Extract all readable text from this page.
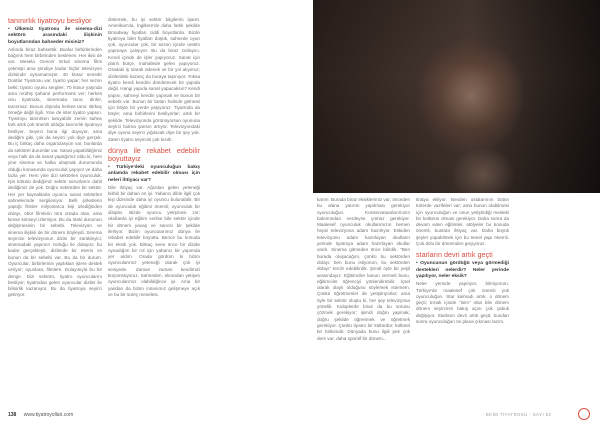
tanınırlık tiyatroyu besliyor

• Ülkemiz tiyatrosu ile sinema-dizi sektörü arasındaki ilişkinin boyutlarından bahseder misiniz?

Aslında biraz bahsettik. Bunlar birbirlerinden bağımlı hem birbirinden beslenen. Her ikisi de var. Mesela Gencer Erkal sinema filmi çekmişti ama şimdiye kadar hiçbir televizyon dizisinde oynamamıştır. 40 küsur senedir Dostlar Tiyatrosu var, tiyatro yapar; her sezon belki; tiyatro oyunu sergiler; 70 küsur yaşında ama müthiş şahane performans ver; herkes onu tiyatroda, sinemada tanır, dinler, tanınmaz. Bunun dışında herkes tanır. Birkaç örneğe değil ilgili. Yine de ister tiyatro yapsın. Tiyatroyu tanıtırken tanıyabilir zemin sahne fark artık çok önemli olduğu tanınırlık tiyatroyu besliyor. Seyirci buna ilgi duyuyor, ama dediğim gibi, çok da seyirci yok diye gerçek. Bu iç birkaç daha organizasyon var, bunlarda da sektörel durumlar var. Sanat yapabildiğimiz veya halk da da sanat yaptığımız oldu ki, hem yine sinema ve halka ulaşmak durumunda olduğu konusunda oyunculuk yapıyor ve daha fazla yer. Hem yine dizi sektörleri oyunculuk. İşin kötüsü dediğimiz sektör sorunlarını dahil dediğimiz de yok. Doğru sektörden bir sektör. Her yer kaynaklarla oyuncu sanat sektörleri sahnelerinde sergileniyor. Belli şirketlerin yaptığı filmler milyonlarca kişi izlediğinden dolayı, öbür filmlerin türü ortada olan, ama kimse kimseyi izlemiyor. Bu da öteki durumun değişmesinin bir sebebi. Televizyon ve sinema ilişkisi de bir dönem böyleydi. Sinema seyircisi televizyonun dizisi bir sürükleyici; sinemadaki yapımın zorluğu ile dolayısı; bu kadar gerçekleşti, dizilerde bir eserin ve bunun da bir sebebi var. Bu da bir durum. Oyuncular, birbirlerinin yaptıkları işlere destek veriyor; oyunlara, filmlere. Dolayısıyla bu bir denge. Dizi sektörü, tiyatro oyuncularını besliyor; tiyatrodan gelen oyuncular diziler ile bilinirlik kazanıyor. Bu da tiyatroya seyirci getiriyor.

dinlemek, bu iyi sektör bilgilerini işaret. Amerikan'da, İngiltere'de daha farklı şekilde Broadway fiyatları ciddi boyutlarda. Bizde tiyatroya bilet fiyatları düşük, sahnede oyun çok, oyuncular çok, bir sezon içinde üretim yapmaya çalışıyor. Bu da biraz zorlayıcı. Kendi içinde de işler yapıyoruz. Sanat için planlı bütçe, mahallede gelen yapıyoruz. Oradaki iş olarak ödenek ve bir yol alıyoruz; dizilerdeki kazanç da buraya taşınıyor. Yoksa tiyatro kendi kendini döndürecek bir yapıda değil. Hangi yapıda sanat yapacaksın? Kendi yapını, sahneyi kendin yapmak ve bunun bir sebebi var. Bunun bir bütün halinde gelmesi için böyle bir yerde yaşıyoruz. Tiyatroda da böyle; ama birbirlerini besliyorlar; artık bir şekilde. Televizyonda görünüyorsan oyununa seyirci bulma şansın artıyor. Televizyondaki diye oyuna seyirci yığılacak diye bir şey yok. Zaten tiyatro seyircisi çok kısıtlı.

dünya ile rekabet edebilir boyuttayız

• Türkiye'deki oyunculuğun bakış anlamda rekabet edebilir olması için neleri ihtiyacı var?

Dile ihtiyaç var. Ağızdan gelen yeteneği birbiri bir dahan en iyi. Yabancı dilde ilgili çok kişi dizisinde daha iyi oyuncu bulunabilir. Bir de oyunculuk eğitimi önemli; oyunculuk bir disiplin. Bizde oyuncu yetişmesi zor; okullarda iyi eğitim verilse bile sektör içinde bir dönem yavaş ve sancılı bir şekilde ilerliyor. Bizim oyuncularımız dünya ile rekabet edebilir boyutta. Bence bu konuda bir eksik yok. Birkaç sene önce bir dizide oynadığım bir rol için yabancı bir yapımda yer aldım. Orada gördüm ki bizim oyuncularımız yeteneği olarak çok iyi seviyede. Zaman zaman kendimizi küçümsüyoruz. Sahneden, ekrandan yetişen oyuncularımız olabildiğince iyi. Ama bir yandan da bizim insanımız gelişmeye açık ve bu bir süreç meselesi.

karım. Burada biraz eksiklerimiz var; önceden bu alana yatırım yapılması gerekiyor oyunculuğun. Konservatuarlarımızın bakımından nerdeyse çıtmaz gerekiyor. Maalesef oyunculuk okullarımızın hemen hepsi televizyona adam hazırlıyor. Eskiden televizyonu adam hazırlayan okulların yerinde tiyatroya adam hazırlayan okullar vardı. Sinema gitmeden önce bilirdik. "Ben burada oluşacağım, çünkü bu sektörden dolayı; ben bunu istiyorum, bu sektörden dolayı" tercih edebilirdik. Şimdi öyle bir yeşil arasındayız. Eğitimciler kanun vermeli bunu, eğitimciler öğrenciyi yönlendirebilir. İçsel olarak olaylı olduğunu söylemek istemem. Çünkü öğretmenler de yetiştiriyorlar; ama öyle bir sektör oluştu ki, her şey televizyona yönelik. Kulüplerde biraz da bu sorunu çözmek gerekiyor; işimizi doğru yapmak, doğru şekilde öğrenmek ve öğretmek gerekiyor. Çünkü tiyatro bir kültürdür; kültürel bir birikimdir. Dünyada bunu ilgili pek çok ders var; daha spontif bir dönem...

tiratya ekliyor. Benden ustalarımın bütün türlerde vazifeleri var; ama bunun olabilmesi için oyunculuğun ve onun yetiştirdiği mesleki bir kültürün olması gerekiyor. Daha sonra da devam eden eğitimler, atölyeler bu konuda önemli, bunlara ihtiyaç var. Daha büyük şeyler yapabilmek için bu temel yapı önemli. Çok dolu bir dönemden geçiyoruz.

starların devri artık geçti

• Oyuncunun gördüğü veya görmediği destekleri nelerdir? Neler yerinde yapılıyor, neler eksik?

Neler yerinde yapılıyor, bilmiyorum. Türkiye'de maalesef çok önemli yok oyunculuğun. Star kalmadı artık, o dönem geçti; tırnak içinde "isim" olsa bile dönem dönem seyircinin bakış açısı çok çabuk değişiyor. Starların devri artık geçti; bundan sonra oyunculuğun ön plana çıkması lazım.

138 www.tiyatroyollari.com	EKİM TİYATROSU - SAYI 52
